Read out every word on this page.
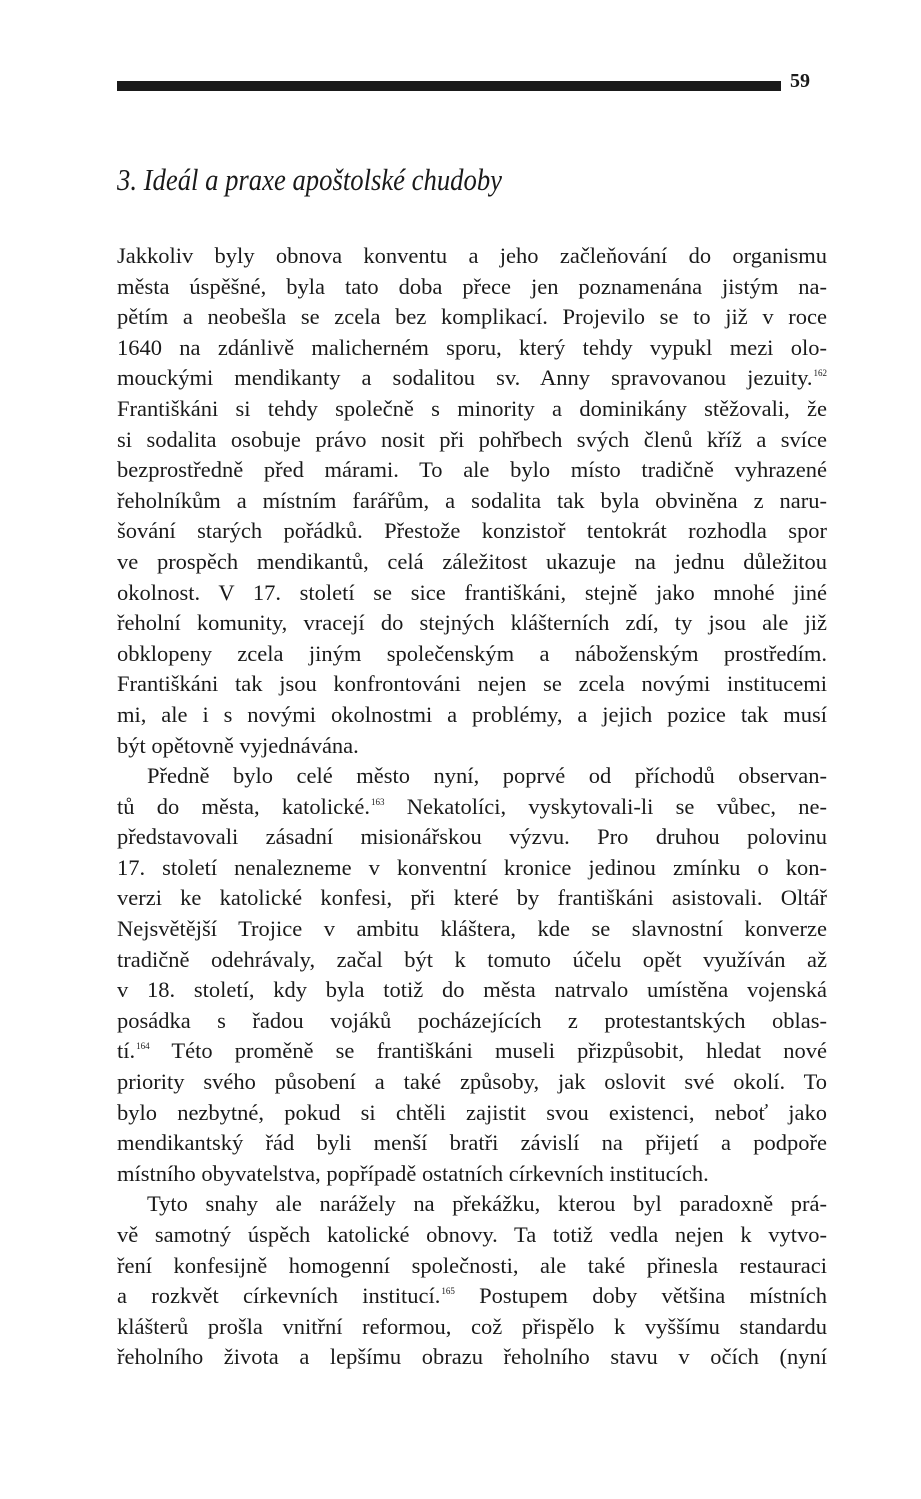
59
3. Ideál a praxe apoštolské chudoby
Jakkoliv byly obnova konventu a jeho začleňování do organismu
města úspěšné, byla tato doba přece jen poznamenána jistým na-
pětím a neobešla se zcela bez komplikací. Projevilo se to již v roce
1640 na zdánlivě malicherném sporu, který tehdy vypukl mezi olo-
mouckými mendikanty a sodalitou sv. Anny spravovanou jezuity.$^{162}$
Františkáni si tehdy společně s minority a dominikány stěžovali, že
si sodalita osobuje právo nosit při pohřbech svých členů kříž a svíce
bezprostředně před márami. To ale bylo místo tradičně vyhrazené
řeholníkům a místním farářům, a sodalita tak byla obviněna z naru-
šování starých pořádků. Přestože konzistoř tentokrát rozhodla spor
ve prospěch mendikantů, celá záležitost ukazuje na jednu důležitou
okolnost. V 17. století se sice františkáni, stejně jako mnohé jiné
řeholní komunity, vracejí do stejných klášterních zdí, ty jsou ale již
obklopeny zcela jiným společenským a náboženským prostředím.
Františkáni tak jsou konfrontováni nejen se zcela novými institucemi
mi, ale i s novými okolnostmi a problémy, a jejich pozice tak musí
být opětovně vyjednávána.
Předně bylo celé město nyní, poprvé od příchodů observan-
tů do města, katolické.$^{163}$ Nekatolíci, vyskytovali-li se vůbec, ne-
představovali zásadní misionářskou výzvu. Pro druhou polovinu
17. století nenalezneme v konventní kronice jedinou zmínku o kon-
verzi ke katolické konfesi, při které by františkáni asistovali. Oltář
Nejsvětější Trojice v ambitu kláštera, kde se slavnostní konverze
tradičně odehrávaly, začal být k tomuto účelu opět využíván až
v 18. století, kdy byla totiž do města natrvalo umístěna vojenská
posádka s řadou vojáků pocházejících z protestantských oblas-
tí.$^{164}$ Této proměně se františkáni museli přizpůsobit, hledat nové
priority svého působení a také způsoby, jak oslovit své okolí. To
bylo nezbytné, pokud si chtěli zajistit svou existenci, neboť jako
mendikantský řád byli menší bratři závislí na přijetí a podpoře
místního obyvatelstva, popřípadě ostatních církevních institucích.
Tyto snahy ale narážely na překážku, kterou byl paradoxně prá-
vě samotný úspěch katolické obnovy. Ta totiž vedla nejen k vytvo-
ření konfesijně homogenní společnosti, ale také přinesla restauraci
a rozkvět církevních institucí.$^{165}$ Postupem doby většina místních
klášterů prošla vnitřní reformou, což přispělo k vyššímu standardu
řeholního života a lepšímu obrazu řeholního stavu v očích (nyní
